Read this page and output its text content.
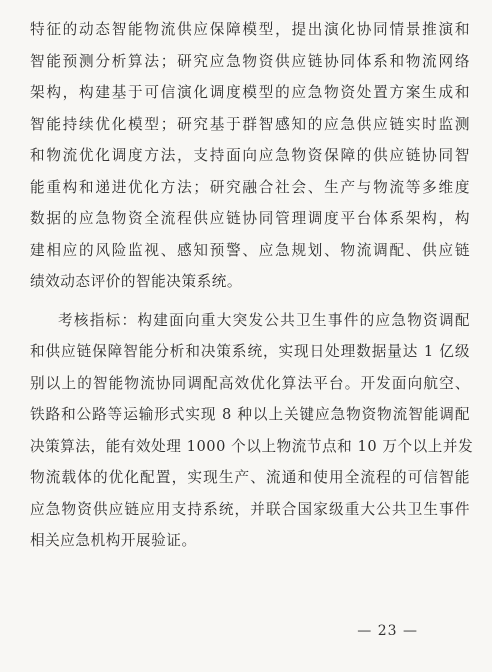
特征的动态智能物流供应保障模型，提出演化协同情景推演和
智能预测分析算法；研究应急物资供应链协同体系和物流网络
架构，构建基于可信演化调度模型的应急物资处置方案生成和
智能持续优化模型；研究基于群智感知的应急供应链实时监测
和物流优化调度方法，支持面向应急物资保障的供应链协同智
能重构和递进优化方法；研究融合社会、生产与物流等多维度
数据的应急物资全流程供应链协同管理调度平台体系架构，构
建相应的风险监视、感知预警、应急规划、物流调配、供应链
绩效动态评价的智能决策系统。
考核指标：构建面向重大突发公共卫生事件的应急物资调配
和供应链保障智能分析和决策系统，实现日处理数据量达 1 亿级
别以上的智能物流协同调配高效优化算法平台。开发面向航空、
铁路和公路等运输形式实现 8 种以上关键应急物资物流智能调配
决策算法，能有效处理 1000 个以上物流节点和 10 万个以上并发
物流载体的优化配置，实现生产、流通和使用全流程的可信智能
应急物资供应链应用支持系统，并联合国家级重大公共卫生事件
相关应急机构开展验证。
— 23 —
